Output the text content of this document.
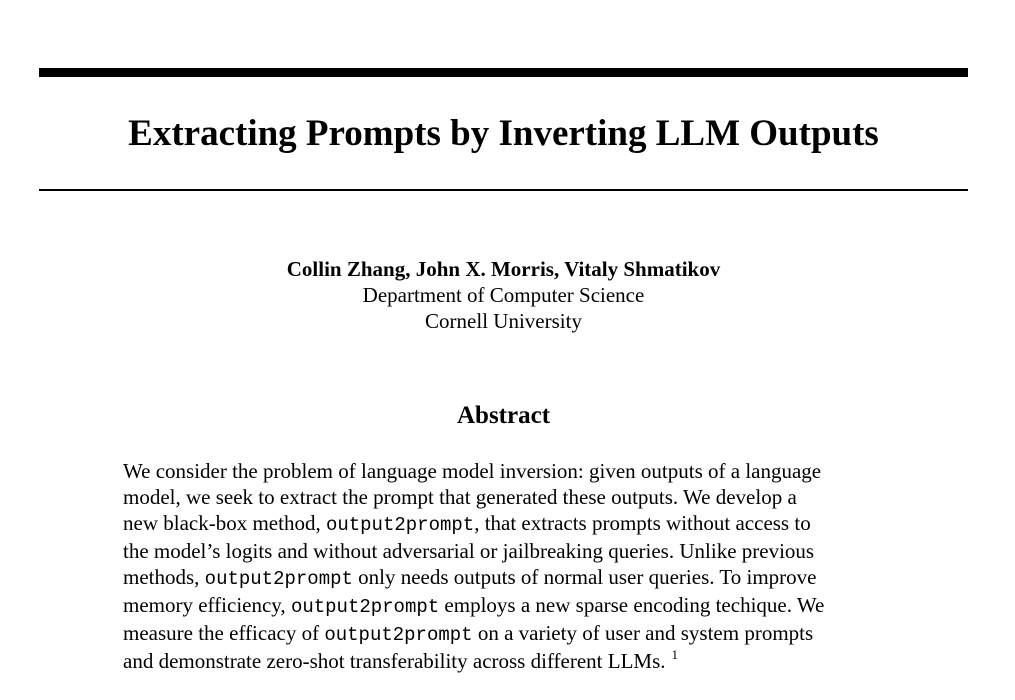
Extracting Prompts by Inverting LLM Outputs
Collin Zhang, John X. Morris, Vitaly Shmatikov
Department of Computer Science
Cornell University
Abstract
We consider the problem of language model inversion: given outputs of a language
model, we seek to extract the prompt that generated these outputs. We develop a
new black-box method, output2prompt, that extracts prompts without access to
the model’s logits and without adversarial or jailbreaking queries. Unlike previous
methods, output2prompt only needs outputs of normal user queries. To improve
memory efficiency, output2prompt employs a new sparse encoding techique. We
measure the efficacy of output2prompt on a variety of user and system prompts
and demonstrate zero-shot transferability across different LLMs. $^1$
